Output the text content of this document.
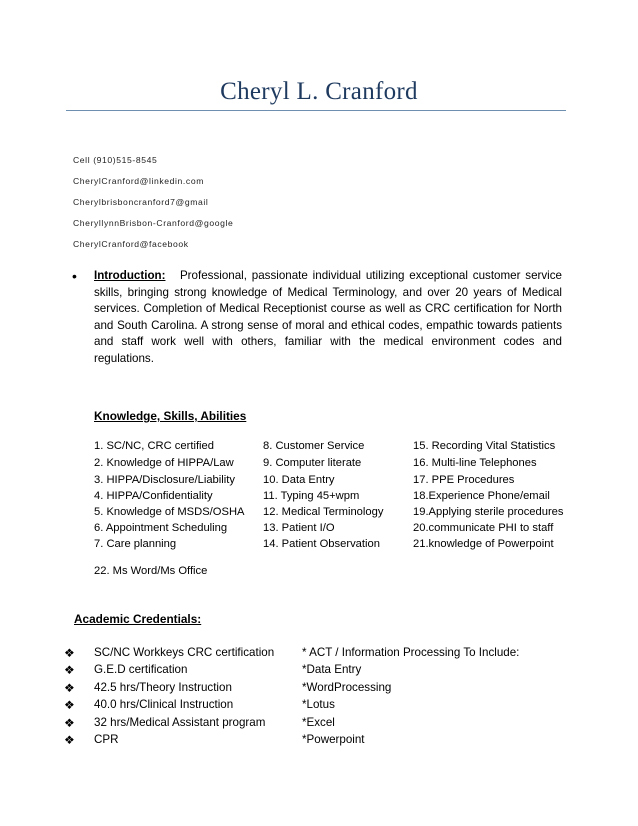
Cheryl L. Cranford
Cell (910)515-8545
CherylCranford@linkedin.com
Cherylbrisboncranford7@gmail
CheryllynnBrisbon-Cranford@google
CherylCranford@facebook
• Introduction: Professional, passionate individual utilizing exceptional customer service skills, bringing strong knowledge of Medical Terminology, and over 20 years of Medical services. Completion of Medical Receptionist course as well as CRC certification for North and South Carolina. A strong sense of moral and ethical codes, empathic towards patients and staff work well with others, familiar with the medical environment codes and regulations.
Knowledge, Skills, Abilities
1. SC/NC, CRC certified
2. Knowledge of HIPPA/Law
3. HIPPA/Disclosure/Liability
4. HIPPA/Confidentiality
5. Knowledge of MSDS/OSHA
6. Appointment Scheduling
7. Care planning
8. Customer Service
9. Computer literate
10. Data Entry
11. Typing 45+wpm
12. Medical Terminology
13. Patient I/O
14. Patient Observation
15. Recording Vital Statistics
16. Multi-line Telephones
17. PPE Procedures
18.Experience Phone/email
19.Applying sterile procedures
20.communicate PHI to staff
21.knowledge of Powerpoint
22. Ms Word/Ms Office
Academic Credentials:
❖
❖
❖
❖
❖
❖
SC/NC Workkeys CRC certification
G.E.D certification
42.5 hrs/Theory Instruction
40.0 hrs/Clinical Instruction
32 hrs/Medical Assistant program
CPR
* ACT / Information Processing To Include:
*Data Entry
*WordProcessing
*Lotus
*Excel
*Powerpoint
